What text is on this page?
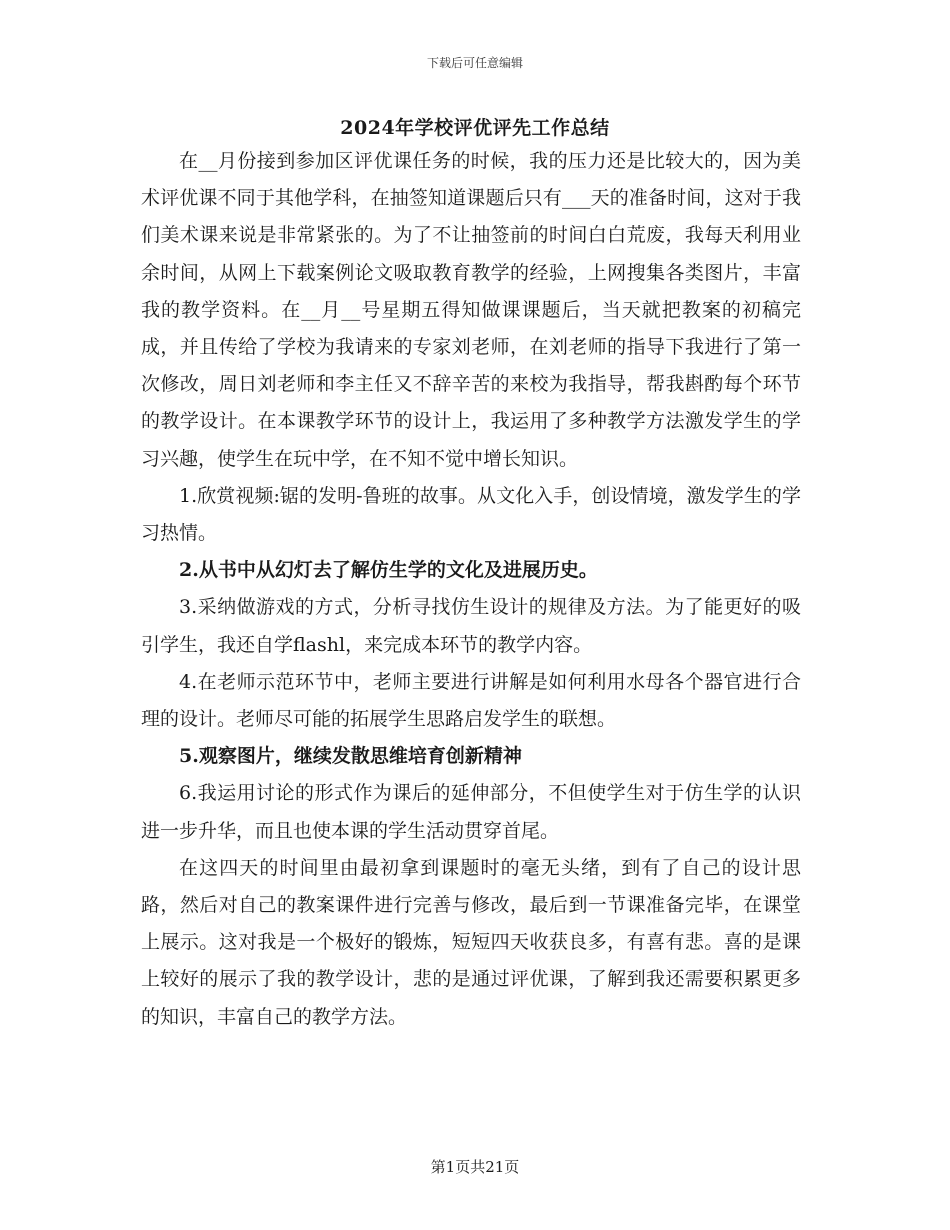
下载后可任意编辑
2024年学校评优评先工作总结

在__月份接到参加区评优课任务的时候，我的压力还是比较大的，因为美术评优课不同于其他学科，在抽签知道课题后只有___天的准备时间，这对于我们美术课来说是非常紧张的。为了不让抽签前的时间白白荒废，我每天利用业余时间，从网上下载案例论文吸取教育教学的经验，上网搜集各类图片，丰富我的教学资料。在__月__号星期五得知做课课题后，当天就把教案的初稿完成，并且传给了学校为我请来的专家刘老师，在刘老师的指导下我进行了第一次修改，周日刘老师和李主任又不辞辛苦的来校为我指导，帮我斟酌每个环节的教学设计。在本课教学环节的设计上，我运用了多种教学方法激发学生的学习兴趣，使学生在玩中学，在不知不觉中增长知识。

1.欣赏视频:锯的发明-鲁班的故事。从文化入手，创设情境，激发学生的学习热情。

2.从书中从幻灯去了解仿生学的文化及进展历史。

3.采纳做游戏的方式，分析寻找仿生设计的规律及方法。为了能更好的吸引学生，我还自学flashl，来完成本环节的教学内容。

4.在老师示范环节中，老师主要进行讲解是如何利用水母各个器官进行合理的设计。老师尽可能的拓展学生思路启发学生的联想。

5.观察图片，继续发散思维培育创新精神

6.我运用讨论的形式作为课后的延伸部分，不但使学生对于仿生学的认识进一步升华，而且也使本课的学生活动贯穿首尾。

在这四天的时间里由最初拿到课题时的毫无头绪，到有了自己的设计思路，然后对自己的教案课件进行完善与修改，最后到一节课准备完毕，在课堂上展示。这对我是一个极好的锻炼，短短四天收获良多，有喜有悲。喜的是课上较好的展示了我的教学设计，悲的是通过评优课，了解到我还需要积累更多的知识，丰富自己的教学方法。

第1页共21页
